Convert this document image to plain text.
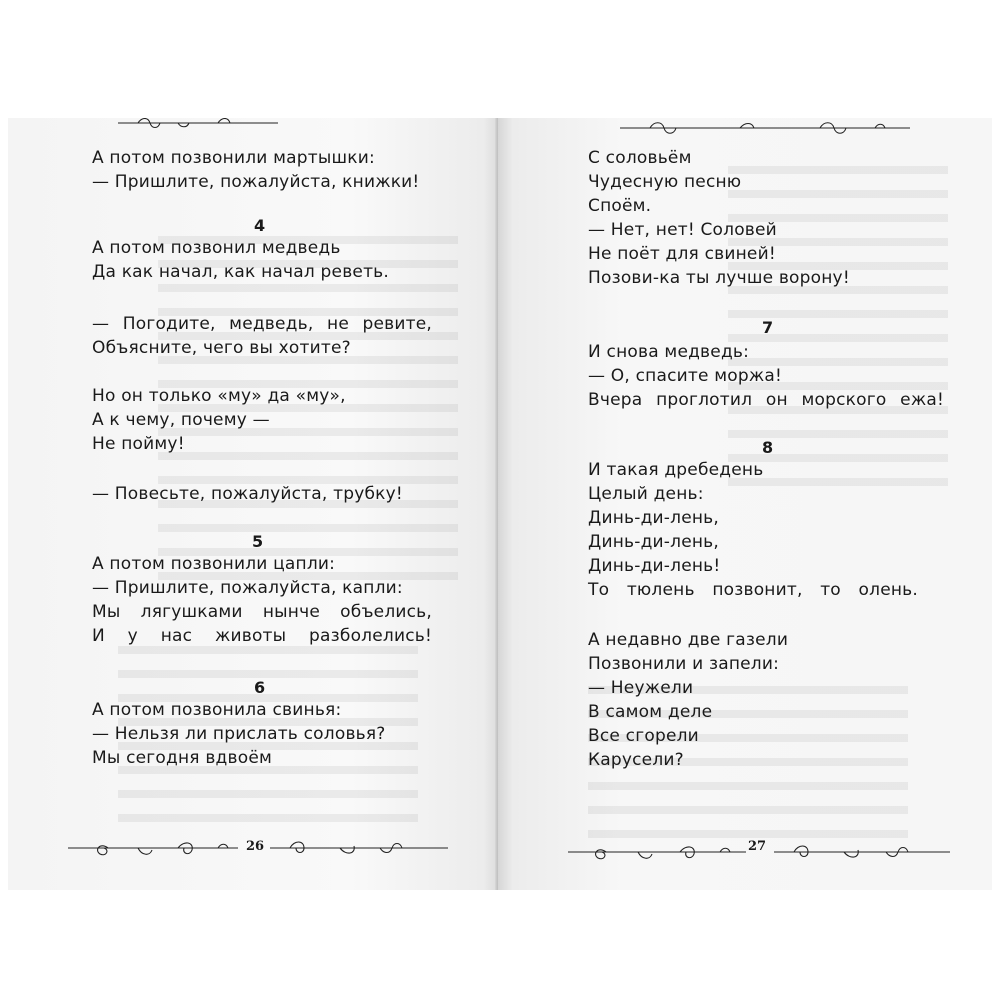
А потом позвонили мартышки:
— Пришлите, пожалуйста, книжки!
4
А потом позвонил медведь
Да как начал, как начал реветь.
— Погодите, медведь, не ревите,
Объясните, чего вы хотите?
Но он только «му» да «му»,
А к чему, почему —
Не пойму!
— Повесьте, пожалуйста, трубку!
5
А потом позвонили цапли:
— Пришлите, пожалуйста, капли:
Мы лягушками нынче объелись,
И у нас животы разболелись!
6
А потом позвонила свинья:
— Нельзя ли прислать соловья?
Мы сегодня вдвоём
26
С соловьём
Чудесную песню
Споём.
— Нет, нет! Соловей
Не поёт для свиней!
Позови-ка ты лучше ворону!
7
И снова медведь:
— О, спасите моржа!
Вчера проглотил он морского ежа!
8
И такая дребедень
Целый день:
Динь-ди-лень,
Динь-ди-лень,
Динь-ди-лень!
То тюлень позвонит, то олень.
А недавно две газели
Позвонили и запели:
— Неужели
В самом деле
Все сгорели
Карусели?
27
